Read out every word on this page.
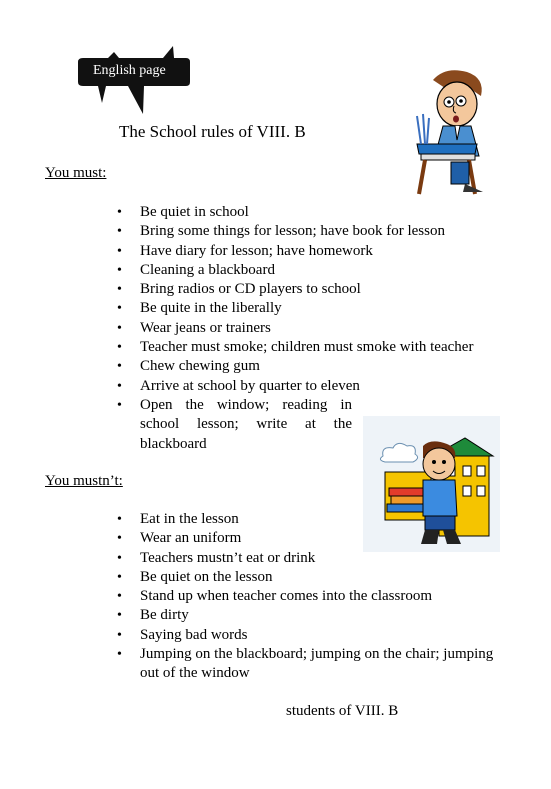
English page
The School rules of VIII. B
You must:
• Be quiet in school
• Bring some things for lesson; have book for lesson
• Have diary for lesson; have homework
• Cleaning a blackboard
• Bring radios or CD players to school
• Be quite in the liberally
• Wear jeans or trainers
• Teacher must smoke; children must smoke with teacher
• Chew chewing gum
• Arrive at school by quarter to eleven
• Open the window; reading in school lesson; write at the blackboard
You mustn’t:
• Eat in the lesson
• Wear an uniform
• Teachers mustn’t eat or drink
• Be quiet on the lesson
• Stand up when teacher comes into the classroom
• Be dirty
• Saying bad words
• Jumping on the blackboard; jumping on the chair; jumping out of the window
students of VIII. B
